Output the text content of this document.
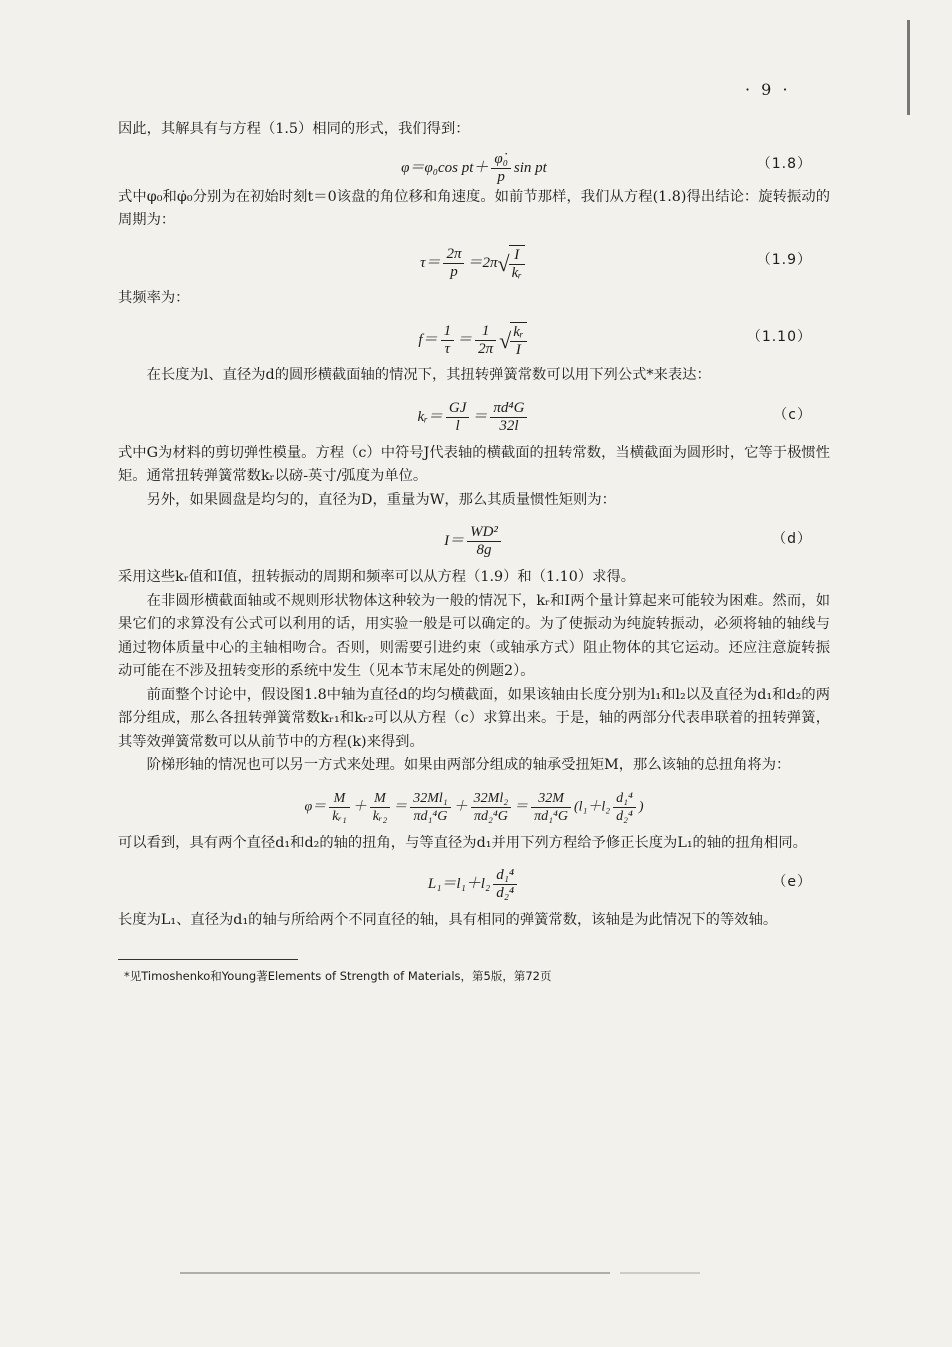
· 9 ·

因此，其解具有与方程（1.5）相同的形式，我们得到：

φ＝φ₀cos $pt+ \frac{\text{φ̇₀}}{p}$ sin pt	（1.8）

式中φ₀和φ̇₀分别为在初始时刻t＝0该盘的角位移和角速度。如前节那样，我们从方程(1.8)得出结论：旋转振动的周期为：

$\tau= \frac{2\pi}{p} =2\pi√ \frac{I}{\text{kᵣ}}$	（1.9）

其频率为：

$f= \frac{1}{\tau} = \frac{1}{2\pi}$ √ $\frac{\text{kᵣ}}{I}$	（1.10）

在长度为l、直径为d的圆形横截面轴的情况下，其扭转弹簧常数可以用下列公式*来表达：

kᵣ＝ $\frac{GJ}{l} = \frac{\text{πd⁴G}}{32l}$	（c）

式中G为材料的剪切弹性模量。方程（c）中符号J代表轴的横截面的扭转常数，当横截面为圆形时，它等于极惯性矩。通常扭转弹簧常数kᵣ以磅-英寸/弧度为单位。

另外，如果圆盘是均匀的，直径为D，重量为W，那么其质量惯性矩则为：

$I= \frac{\text{WD²}}{8g}$	（d）

采用这些kᵣ值和I值，扭转振动的周期和频率可以从方程（1.9）和（1.10）求得。

在非圆形横截面轴或不规则形状物体这种较为一般的情况下，kᵣ和I两个量计算起来可能较为困难。然而，如果它们的求算没有公式可以利用的话，用实验一般是可以确定的。为了使振动为纯旋转振动，必须将轴的轴线与通过物体质量中心的主轴相吻合。否则，则需要引进约束（或轴承方式）阻止物体的其它运动。还应注意旋转振动可能在不涉及扭转变形的系统中发生（见本节末尾处的例题2）。

前面整个讨论中，假设图1.8中轴为直径d的均匀横截面，如果该轴由长度分别为l₁和l₂以及直径为d₁和d₂的两部分组成，那么各扭转弹簧常数kᵣ₁和kᵣ₂可以从方程（c）求算出来。于是，轴的两部分代表串联着的扭转弹簧，其等效弹簧常数可以从前节中的方程(k)来得到。

阶梯形轴的情况也可以另一方式来处理。如果由两部分组成的轴承受扭矩M，那么该轴的总扭角将为：

$\varphi= \frac{M}{\text{kᵣ₁}} + \frac{M}{\text{kᵣ₂}} = \frac{\text{32Ml₁}}{\text{πd₁⁴G}} + \frac{\text{32Ml₂}}{\text{πd₂⁴G}} = \frac{32M}{\text{πd₁⁴G}} (l_1+l_2 \frac{\text{d₁⁴}}{\text{d₂⁴}}$ )

可以看到，具有两个直径d₁和d₂的轴的扭角，与等直径为d₁并用下列方程给予修正长度为L₁的轴的扭角相同。

$L_1=l_1+l_2 \frac{\text{d₁⁴}}{\text{d₂⁴}}$	（e）

长度为L₁、直径为d₁的轴与所给两个不同直径的轴，具有相同的弹簧常数，该轴是为此情况下的等效轴。

*见Timoshenko和Young著Elements of Strength of Materials，第5版，第72页
